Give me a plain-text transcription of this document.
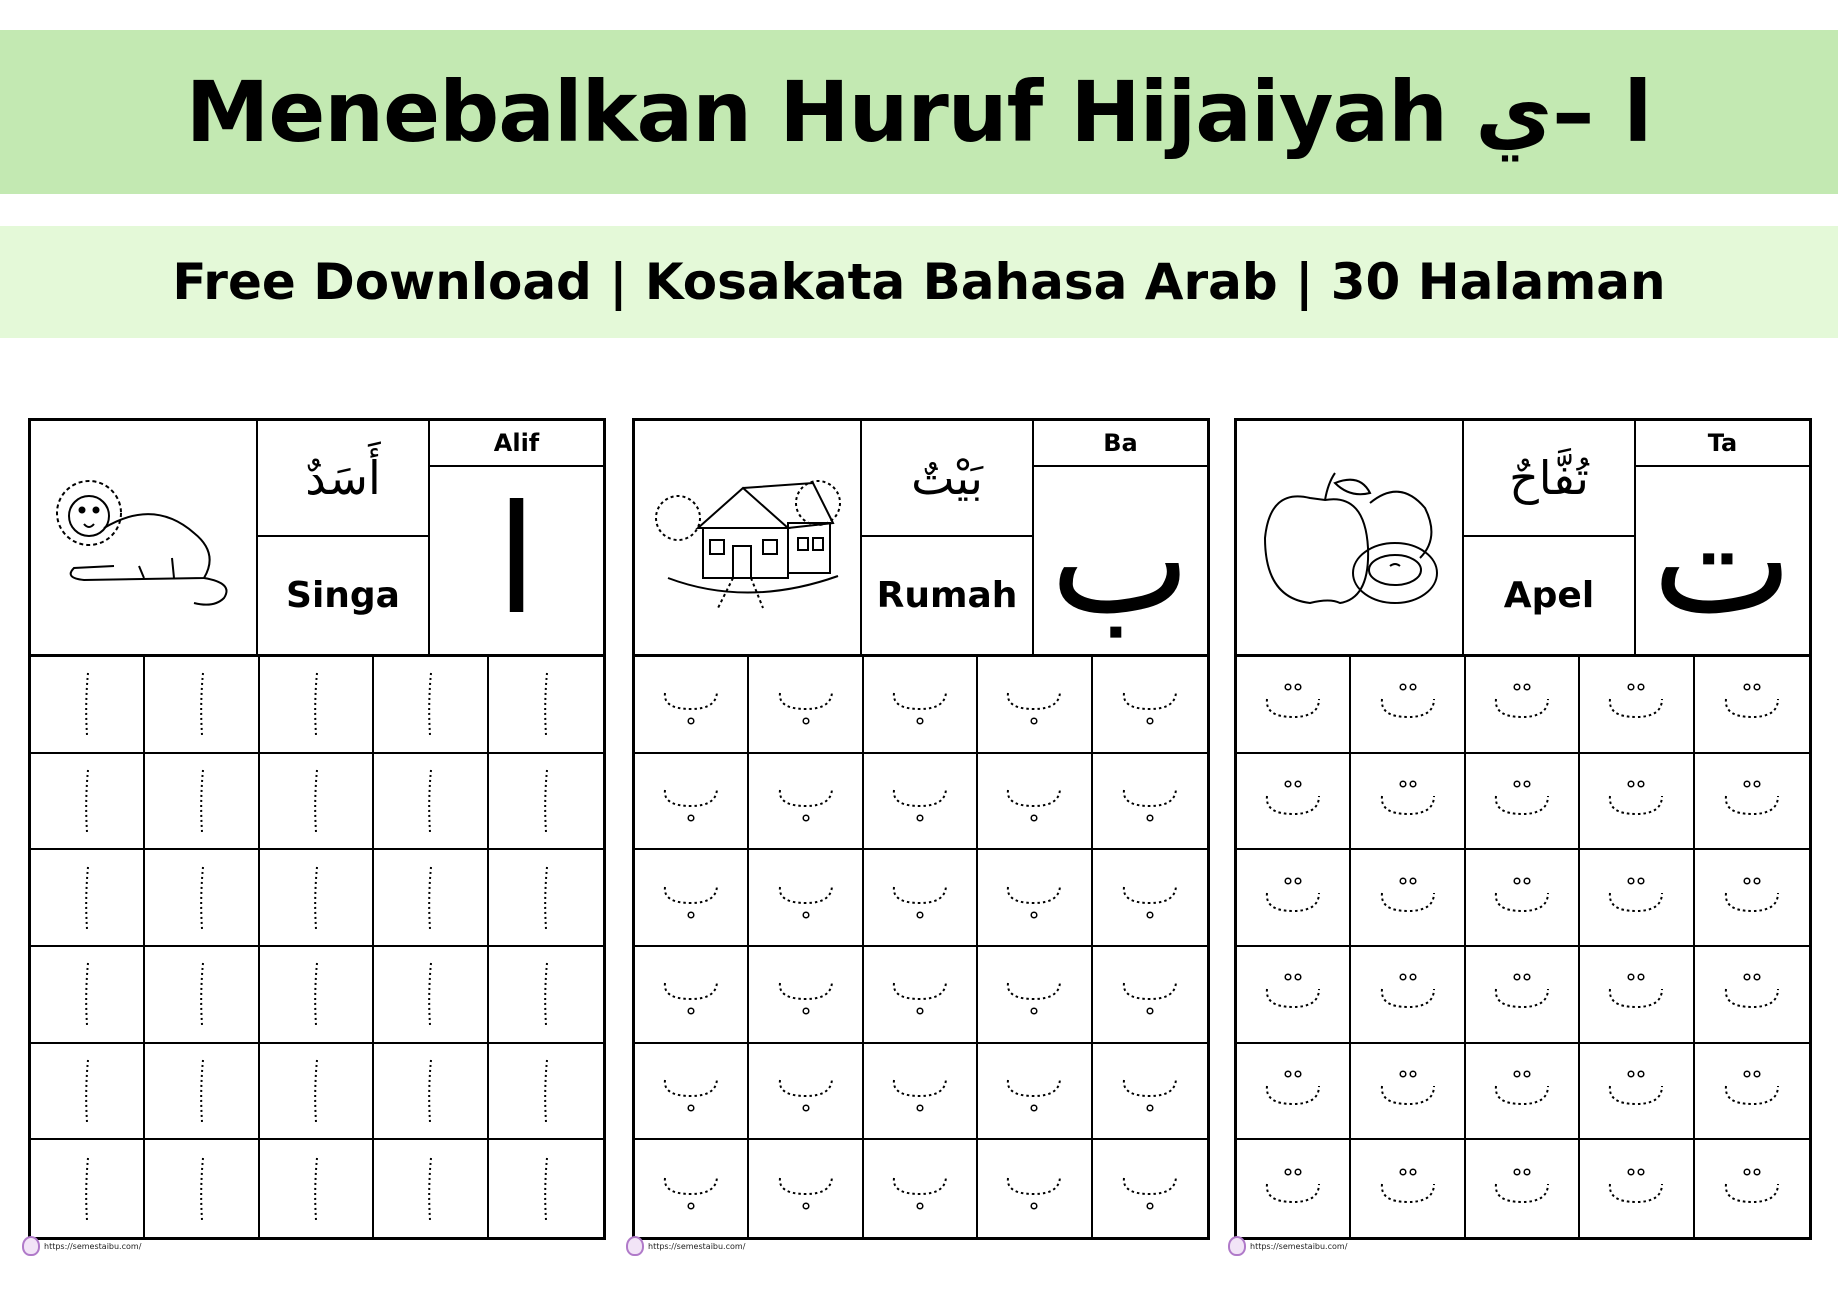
Menebalkan Huruf Hijaiyah ا –ي
Free Download | Kosakata Bahasa Arab | 30 Halaman
أَسَدٌ
Singa
Alif
ا
https://semestaibu.com/
بَيْتٌ
Rumah
Ba
ب
https://semestaibu.com/
تُفَّاحٌ
Apel
Ta
ت
https://semestaibu.com/
